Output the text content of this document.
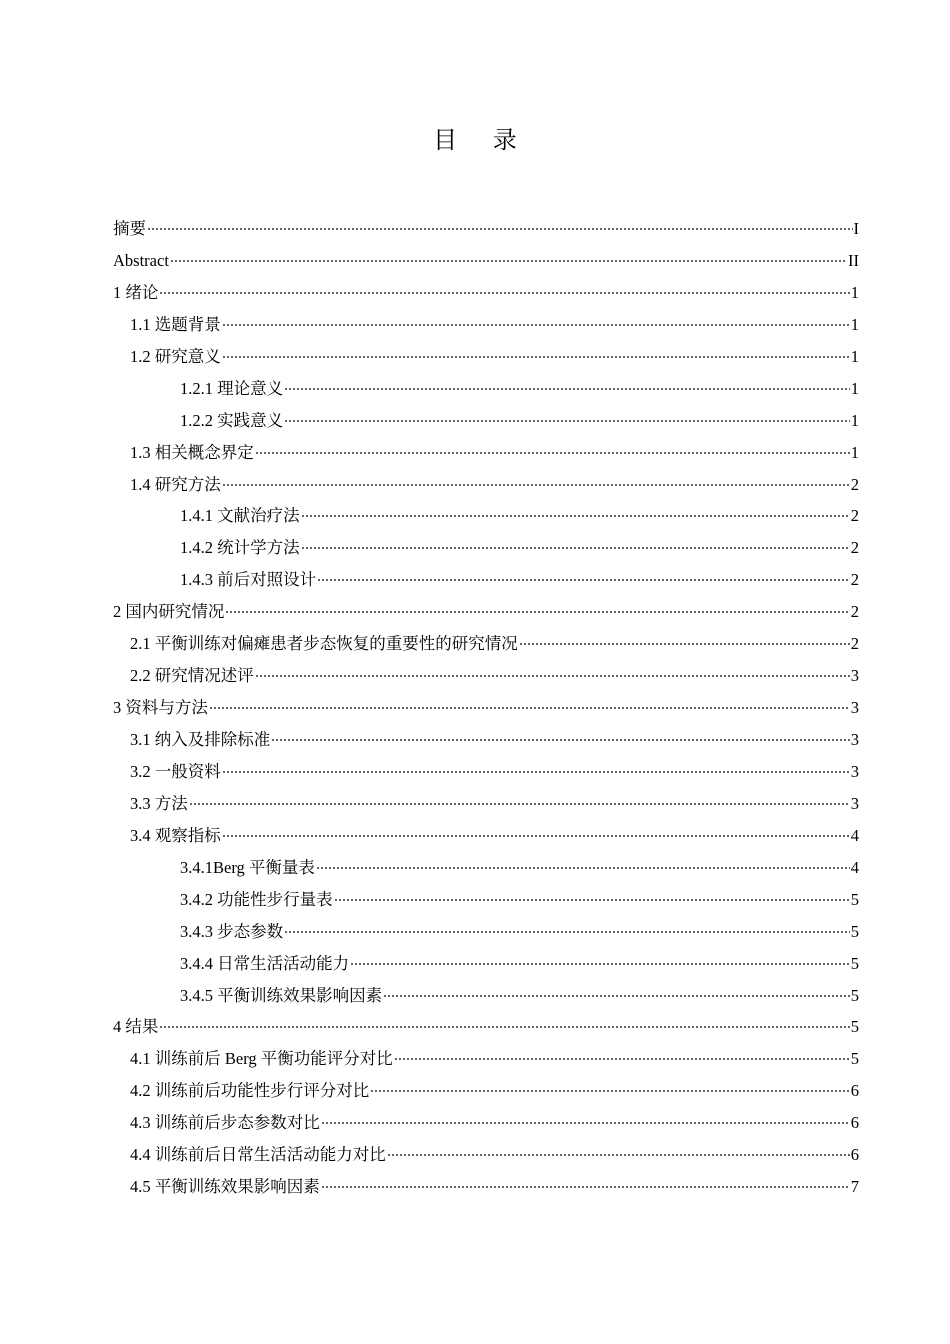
目 录
摘要	I
Abstract	II
1 绪论	1
1.1 选题背景	1
1.2 研究意义	1
1.2.1 理论意义	1
1.2.2 实践意义	1
1.3 相关概念界定	1
1.4 研究方法	2
1.4.1 文献治疗法	2
1.4.2 统计学方法	2
1.4.3 前后对照设计	2
2 国内研究情况	2
2.1 平衡训练对偏瘫患者步态恢复的重要性的研究情况	2
2.2 研究情况述评	3
3 资料与方法	3
3.1 纳入及排除标准	3
3.2 一般资料	3
3.3 方法	3
3.4 观察指标	4
3.4.1Berg 平衡量表	4
3.4.2 功能性步行量表	5
3.4.3 步态参数	5
3.4.4 日常生活活动能力	5
3.4.5 平衡训练效果影响因素	5
4 结果	5
4.1 训练前后 Berg 平衡功能评分对比	5
4.2 训练前后功能性步行评分对比	6
4.3 训练前后步态参数对比	6
4.4 训练前后日常生活活动能力对比	6
4.5 平衡训练效果影响因素	7
